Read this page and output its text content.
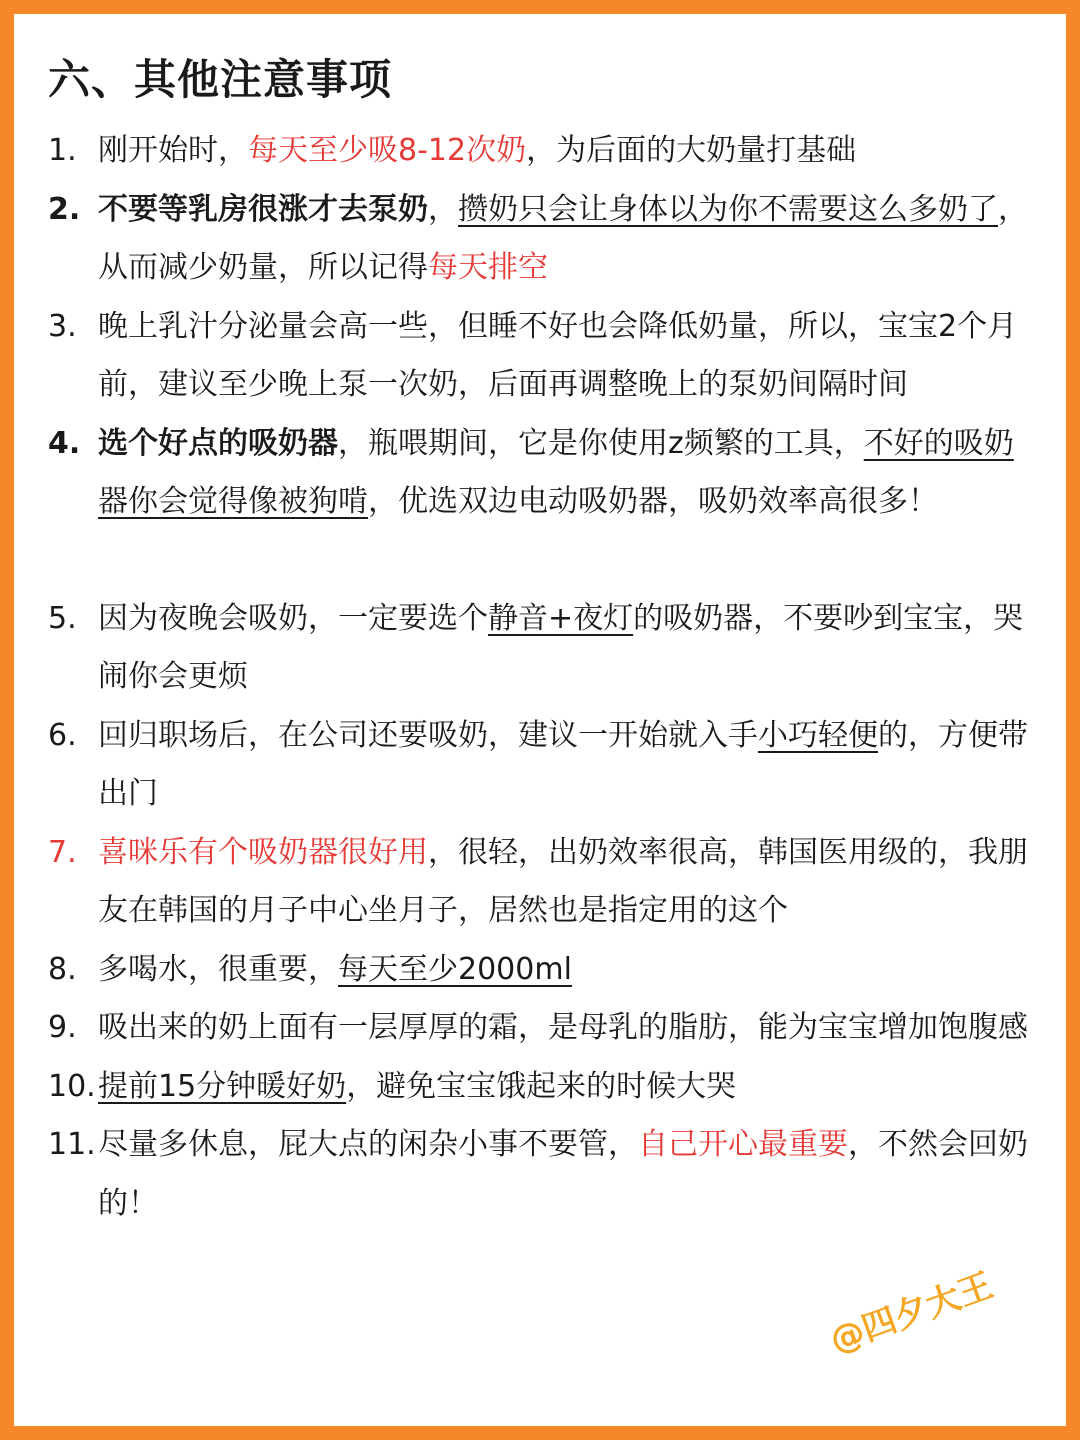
六、其他注意事项
1. 刚开始时，每天至少吸8-12次奶，为后面的大奶量打基础
2. 不要等乳房很涨才去泵奶，攒奶只会让身体以为你不需要这么多奶了，从而减少奶量，所以记得每天排空
3. 晚上乳汁分泌量会高一些，但睡不好也会降低奶量，所以，宝宝2个月前，建议至少晚上泵一次奶，后面再调整晚上的泵奶间隔时间
4. 选个好点的吸奶器，瓶喂期间，它是你使用z频繁的工具，不好的吸奶器你会觉得像被狗啃，优选双边电动吸奶器，吸奶效率高很多！
5. 因为夜晚会吸奶，一定要选个静音+夜灯的吸奶器，不要吵到宝宝，哭闹你会更烦
6. 回归职场后，在公司还要吸奶，建议一开始就入手小巧轻便的，方便带出门
7. 喜咪乐有个吸奶器很好用，很轻，出奶效率很高，韩国医用级的，我朋友在韩国的月子中心坐月子，居然也是指定用的这个
8. 多喝水，很重要，每天至少2000ml
9. 吸出来的奶上面有一层厚厚的霜，是母乳的脂肪，能为宝宝增加饱腹感
10. 提前15分钟暖好奶，避免宝宝饿起来的时候大哭
11. 尽量多休息，屁大点的闲杂小事不要管，自己开心最重要，不然会回奶的！
@四夕大王
